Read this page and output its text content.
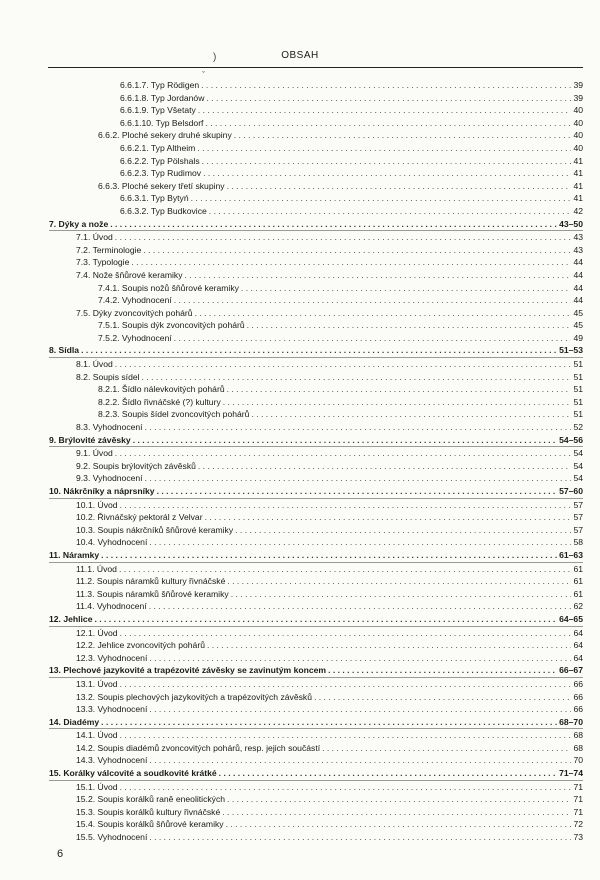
)	OBSAH
ˇ
6.6.1.7. Typ Rödigen . . .	39
6.6.1.8. Typ Jordanów . . .	39
6.6.1.9. Typ Všetaty . . .	40
6.6.1.10. Typ Belsdorf . . .	40
6.6.2. Ploché sekery druhé skupiny . . .	40
6.6.2.1. Typ Altheim . . .	40
6.6.2.2. Typ Pölshals . . .	41
6.6.2.3. Typ Rudimov . . .	41
6.6.3. Ploché sekery třetí skupiny . . .	41
6.6.3.1. Typ Bytyń . . .	41
6.6.3.2. Typ Budkovice . . .	42
7. Dýky a nože . . .	43–50
7.1. Úvod . . .	43
7.2. Terminologie . . .	43
7.3. Typologie . . .	44
7.4. Nože šňůrové keramiky . . .	44
7.4.1. Soupis nožů šňůrové keramiky . . .	44
7.4.2. Vyhodnocení . . .	44
7.5. Dýky zvoncovitých pohárů . . .	45
7.5.1. Soupis dýk zvoncovitých pohárů . . .	45
7.5.2. Vyhodnocení . . .	49
8. Sídla . . .	51–53
8.1. Úvod . . .	51
8.2. Soupis sídel . . .	51
8.2.1. Šídlo nálevkovitých pohárů . . .	51
8.2.2. Šídlo řivnáčské (?) kultury . . .	51
8.2.3. Soupis šídel zvoncovitých pohárů . . .	51
8.3. Vyhodnocení . . .	52
9. Brýlovité závěsky . . .	54–56
9.1. Úvod . . .	54
9.2. Soupis brýlovitých závěsků . . .	54
9.3. Vyhodnocení . . .	54
10. Nákrčníky a náprsníky . . .	57–60
10.1. Úvod . . .	57
10.2. Řivnáčský pektorál z Velvar . . .	57
10.3. Soupis nákrčníků šňůrové keramiky . . .	57
10.4. Vyhodnocení . . .	58
11. Náramky . . .	61–63
11.1. Úvod . . .	61
11.2. Soupis náramků kultury řivnáčské . . .	61
11.3. Soupis náramků šňůrové keramiky . . .	61
11.4. Vyhodnocení . . .	62
12. Jehlice . . .	64–65
12.1. Úvod . . .	64
12.2. Jehlice zvoncovitých pohárů . . .	64
12.3. Vyhodnocení . . .	64
13. Plechové jazykovité a trapézovité závěsky se zavinutým koncem . . .	66–67
13.1. Úvod . . .	66
13.2. Soupis plechových jazykovitých a trapézovitých závěsků . . .	66
13.3. Vyhodnocení . . .	66
14. Diadémy . . .	68–70
14.1. Úvod . . .	68
14.2. Soupis diadémů zvoncovitých pohárů, resp. jejich součástí . . .	68
14.3. Vyhodnocení . . .	70
15. Korálky válcovité a soudkovité krátké . . .	71–74
15.1. Úvod . . .	71
15.2. Soupis korálků raně eneolitických . . .	71
15.3. Soupis korálků kultury řivnáčské . . .	71
15.4. Soupis korálků šňůrové keramiky . . .	72
15.5. Vyhodnocení . . .	73
6
